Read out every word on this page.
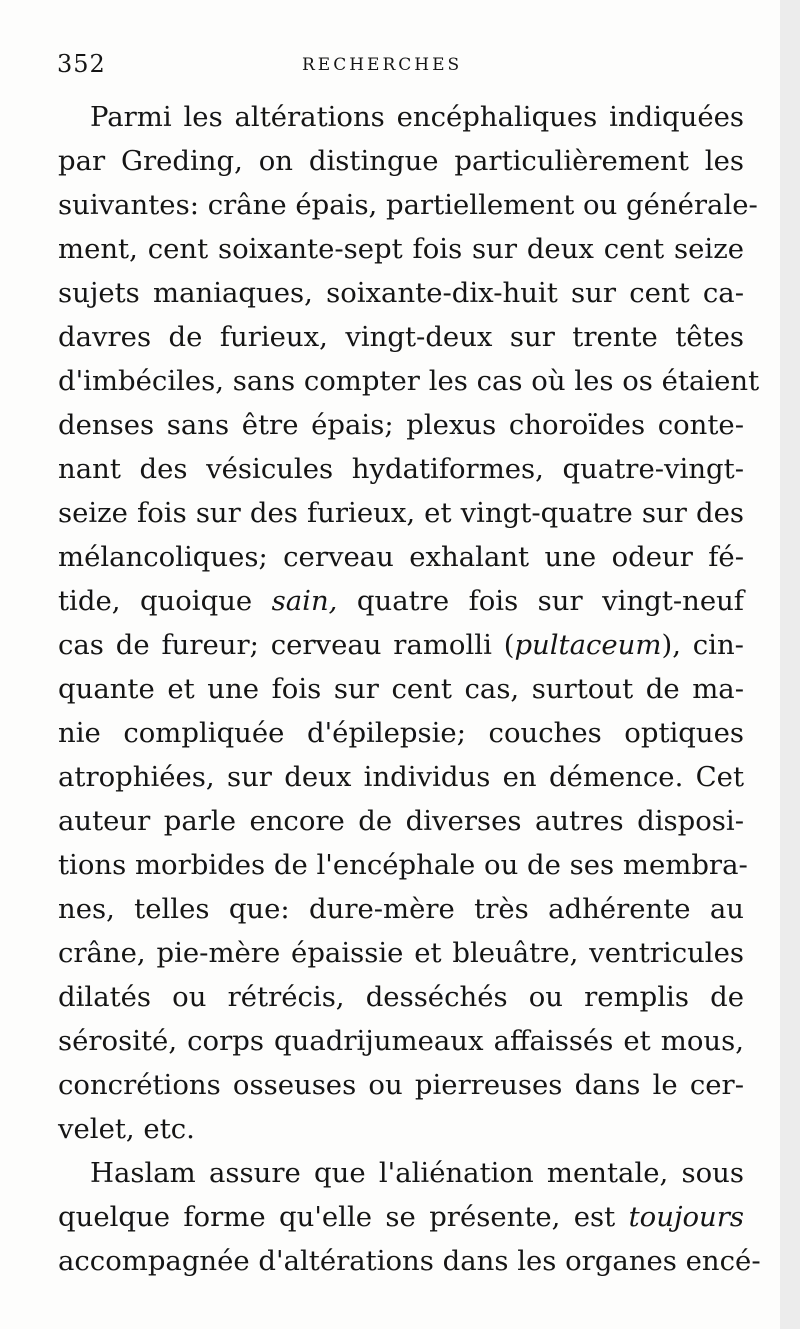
352	RECHERCHES
Parmi les altérations encéphaliques indiquées
par Greding, on distingue particulièrement les
suivantes: crâne épais, partiellement ou générale-
ment, cent soixante-sept fois sur deux cent seize
sujets maniaques, soixante-dix-huit sur cent ca-
davres de furieux, vingt-deux sur trente têtes
d'imbéciles, sans compter les cas où les os étaient
denses sans être épais; plexus choroïdes conte-
nant des vésicules hydatiformes, quatre-vingt-
seize fois sur des furieux, et vingt-quatre sur des
mélancoliques; cerveau exhalant une odeur fé-
tide, quoique sain, quatre fois sur vingt-neuf
cas de fureur; cerveau ramolli (pultaceum), cin-
quante et une fois sur cent cas, surtout de ma-
nie compliquée d'épilepsie; couches optiques
atrophiées, sur deux individus en démence. Cet
auteur parle encore de diverses autres disposi-
tions morbides de l'encéphale ou de ses membra-
nes, telles que: dure-mère très adhérente au
crâne, pie-mère épaissie et bleuâtre, ventricules
dilatés ou rétrécis, desséchés ou remplis de
sérosité, corps quadrijumeaux affaissés et mous,
concrétions osseuses ou pierreuses dans le cer-
velet, etc.
Haslam assure que l'aliénation mentale, sous
quelque forme qu'elle se présente, est toujours
accompagnée d'altérations dans les organes encé-
